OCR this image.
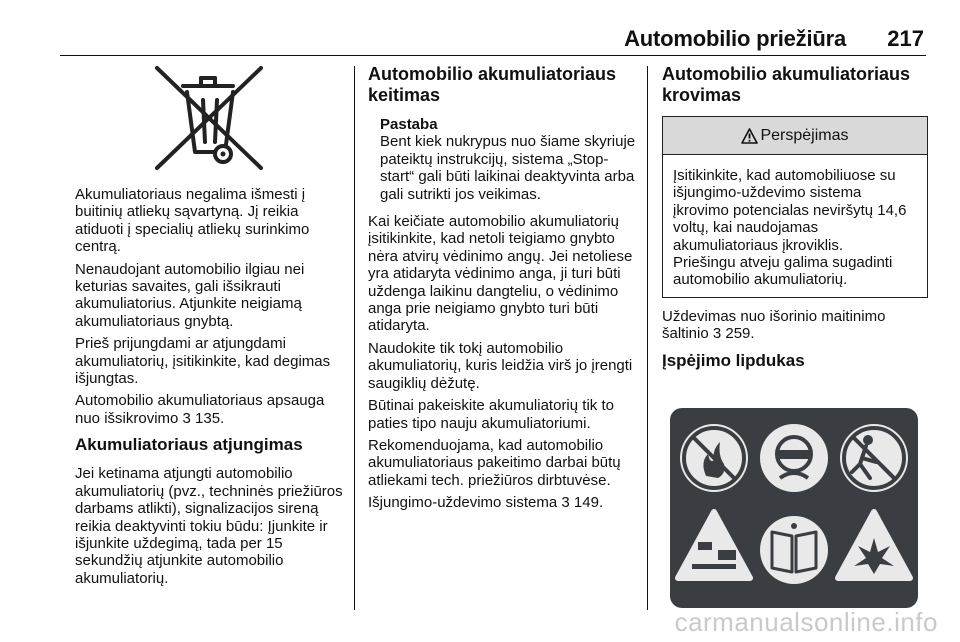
Automobilio priežiūra 217

Akumuliatoriaus negalima išmesti į buitinių atliekų sąvartyną. Jį reikia atiduoti į specialių atliekų surinkimo centrą.

Nenaudojant automobilio ilgiau nei keturias savaites, gali išsikrauti akumuliatorius. Atjunkite neigiamą akumuliatoriaus gnybtą.

Prieš prijungdami ar atjungdami akumuliatorių, įsitikinkite, kad degimas išjungtas.

Automobilio akumuliatoriaus apsauga nuo išsikrovimo 3 135.

Akumuliatoriaus atjungimas

Jei ketinama atjungti automobilio akumuliatorių (pvz., techninės priežiūros darbams atlikti), signalizacijos sireną reikia deaktyvinti tokiu būdu: Įjunkite ir išjunkite uždegimą, tada per 15 sekundžių atjunkite automobilio akumuliatorių.

Automobilio akumuliatoriaus keitimas
Pastaba
Bent kiek nukrypus nuo šiame skyriuje pateiktų instrukcijų, sistema „Stop-start“ gali būti laikinai deaktyvinta arba gali sutrikti jos veikimas.

Kai keičiate automobilio akumuliatorių įsitikinkite, kad netoli teigiamo gnybto nėra atvirų vėdinimo angų. Jei netoliese yra atidaryta vėdinimo anga, ji turi būti uždenga laikinu dangteliu, o vėdinimo anga prie neigiamo gnybto turi būti atidaryta.

Naudokite tik tokį automobilio akumuliatorių, kuris leidžia virš jo įrengti saugiklių dėžutę.

Būtinai pakeiskite akumuliatorių tik to paties tipo nauju akumuliatoriumi.

Rekomenduojama, kad automobilio akumuliatoriaus pakeitimo darbai būtų atliekami tech. priežiūros dirbtuvėse.

Išjungimo-uždevimo sistema 3 149.

Automobilio akumuliatoriaus krovimas
Perspėjimas
Įsitikinkite, kad automobiliuose su išjungimo-uždevimo sistema įkrovimo potencialas neviršytų 14,6 voltų, kai naudojamas akumuliatoriaus įkroviklis.
Priešingu atveju galima sugadinti automobilio akumuliatorių.

Uždevimas nuo išorinio maitinimo šaltinio 3 259.

Įspėjimo lipdukas
carmanualsonline.info
